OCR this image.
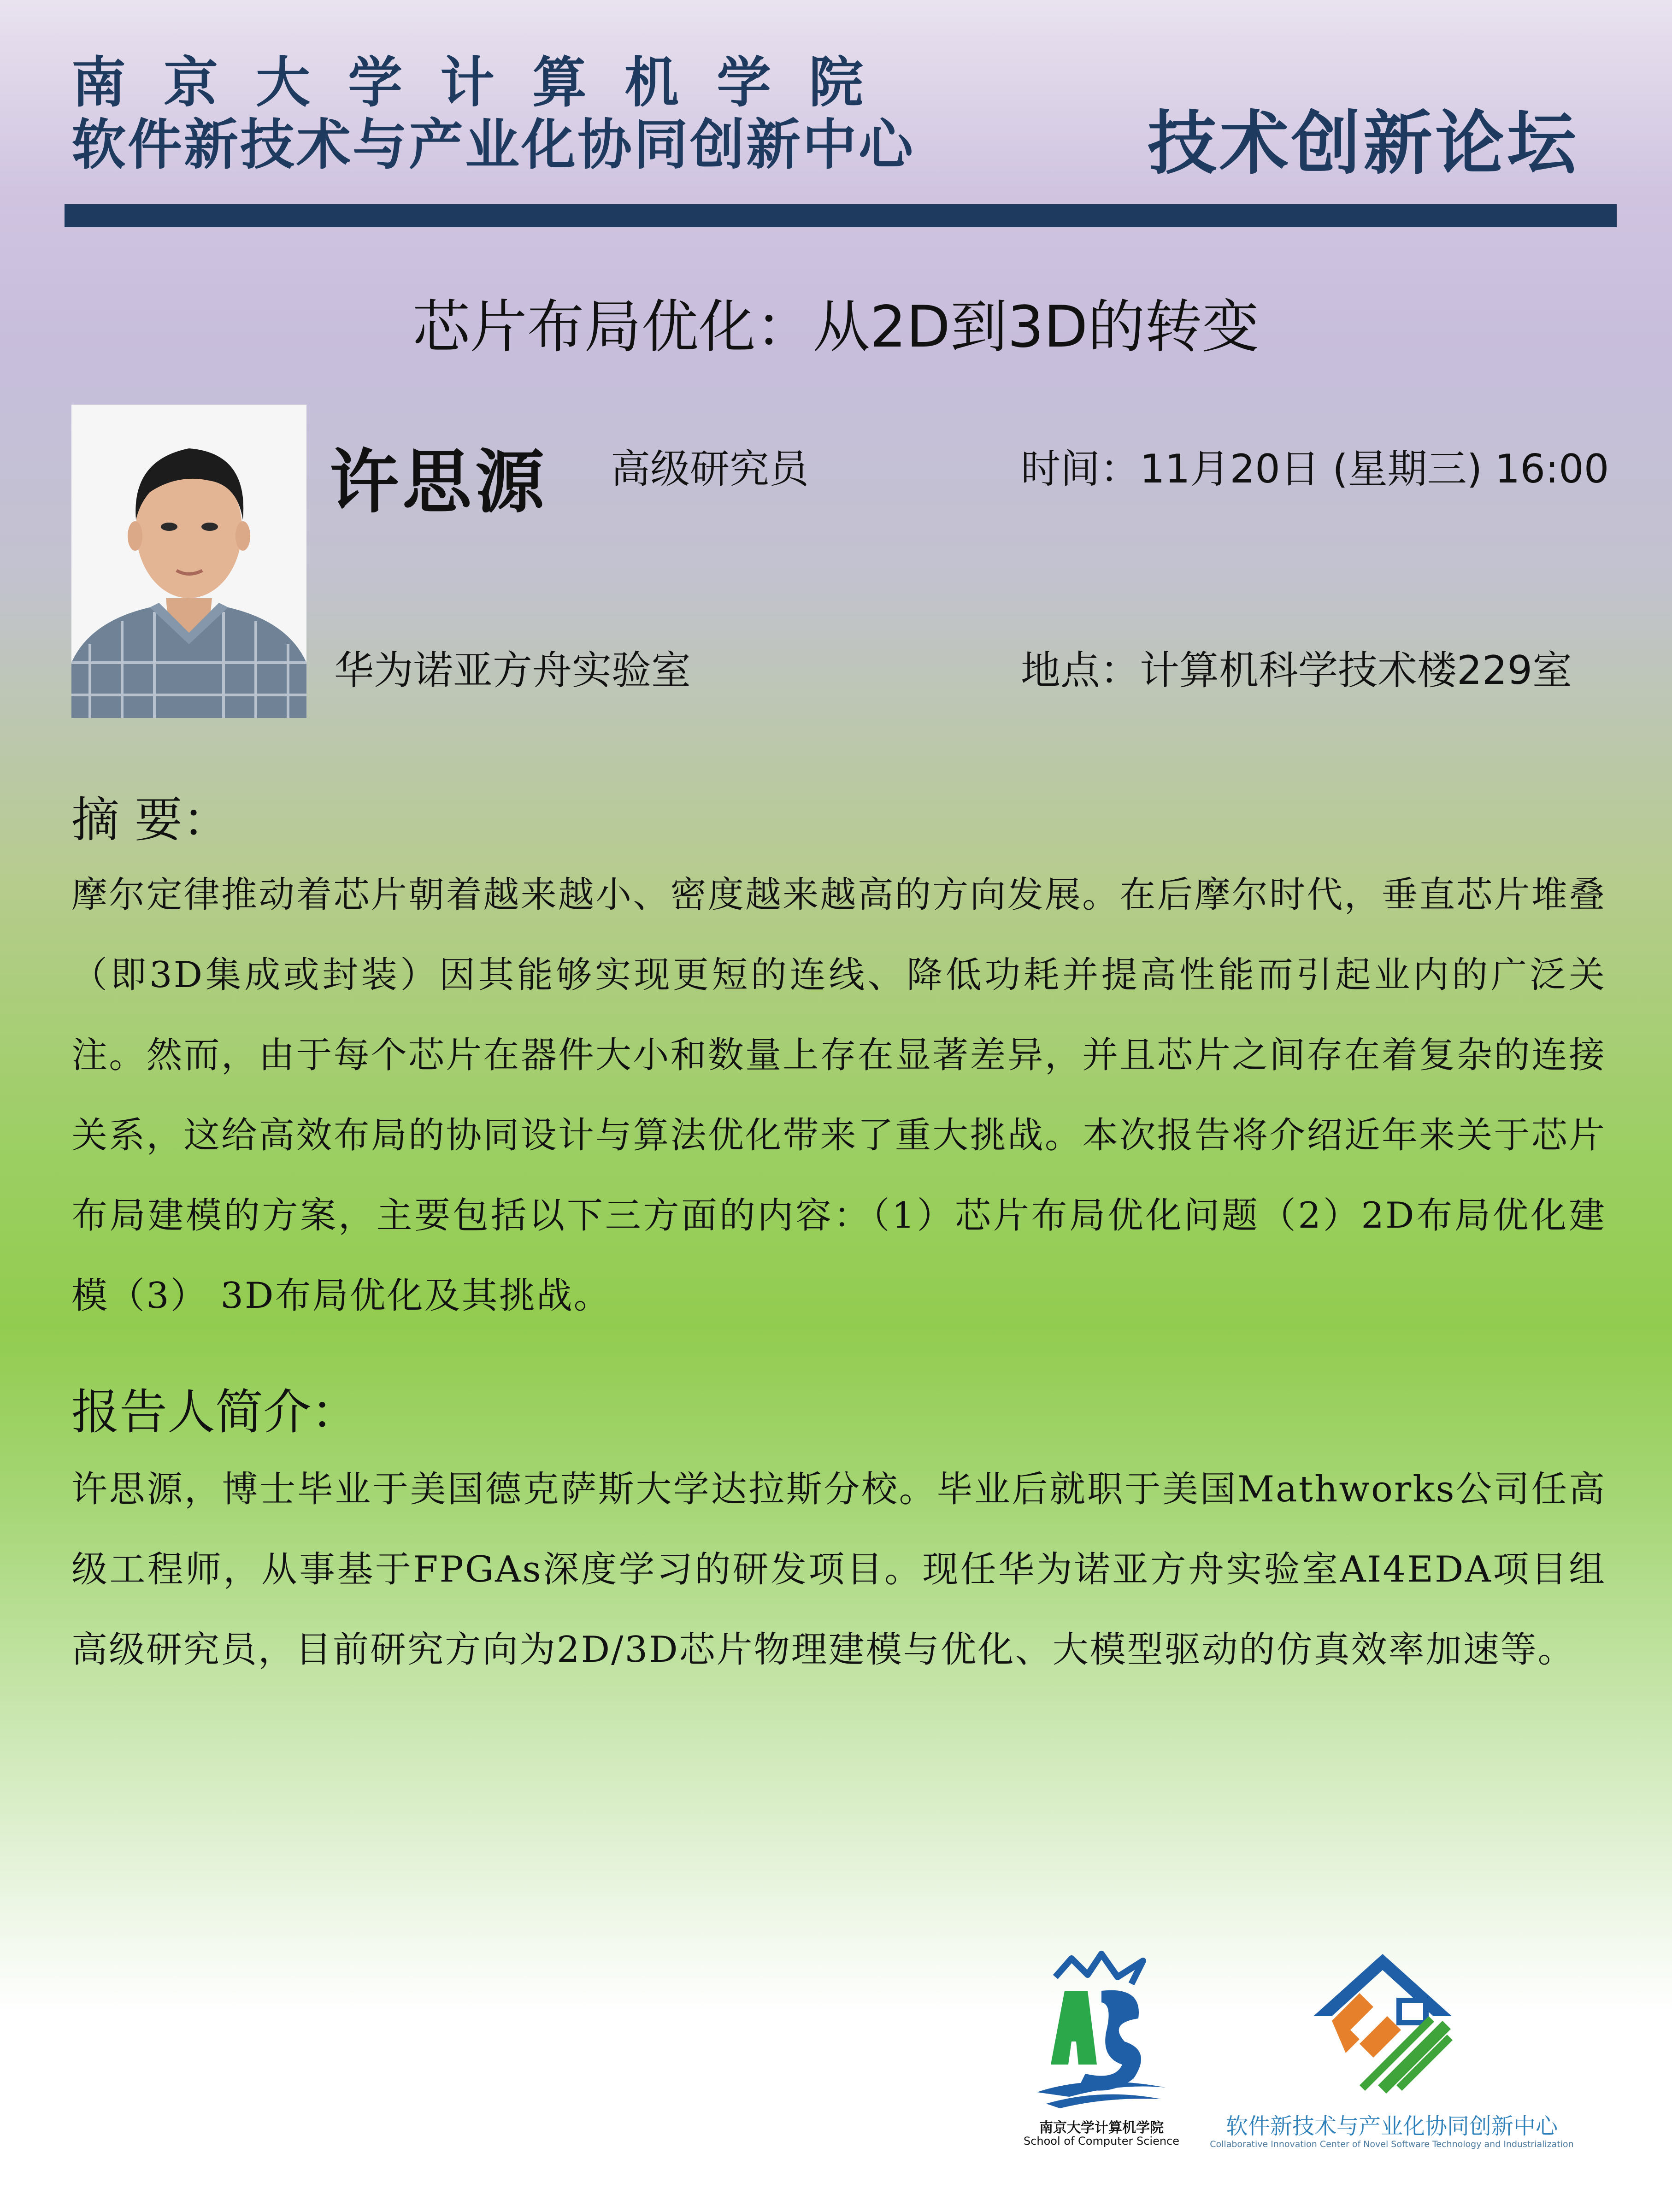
南京大学计算机学院
软件新技术与产业化协同创新中心	技术创新论坛
芯片布局优化：从2D到3D的转变
许思源 高级研究员
华为诺亚方舟实验室
时间：11月20日 (星期三) 16:00
地点：计算机科学技术楼229室
摘 要：
摩尔定律推动着芯片朝着越来越小、密度越来越高的方向发展。在后摩尔时代，垂直芯片堆叠（即3D集成或封装）因其能够实现更短的连线、降低功耗并提高性能而引起业内的广泛关注。然而，由于每个芯片在器件大小和数量上存在显著差异，并且芯片之间存在着复杂的连接关系，这给高效布局的协同设计与算法优化带来了重大挑战。本次报告将介绍近年来关于芯片布局建模的方案，主要包括以下三方面的内容：（1）芯片布局优化问题（2）2D布局优化建模（3） 3D布局优化及其挑战。
报告人简介：
许思源，博士毕业于美国德克萨斯大学达拉斯分校。毕业后就职于美国Mathworks公司任高级工程师，从事基于FPGAs深度学习的研发项目。现任华为诺亚方舟实验室AI4EDA项目组高级研究员，目前研究方向为2D/3D芯片物理建模与优化、大模型驱动的仿真效率加速等。
南京大学计算机学院
School of Computer Science
软件新技术与产业化协同创新中心
Collaborative Innovation Center of Novel Software Technology and Industrialization
